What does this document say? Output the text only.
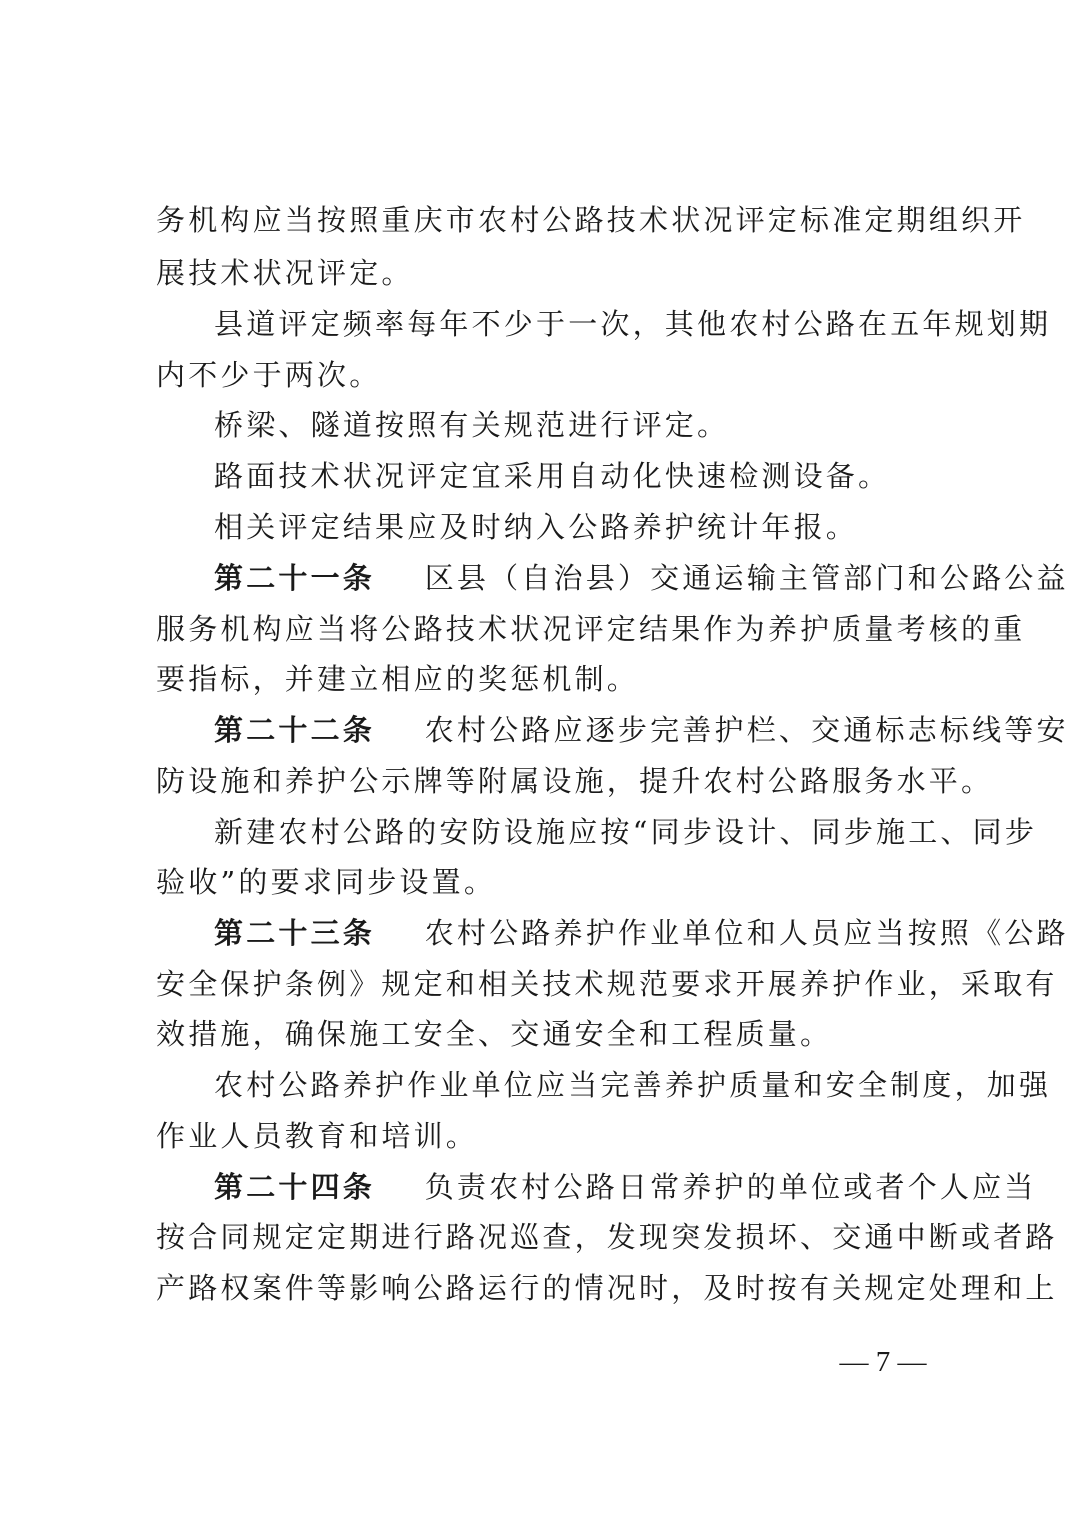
务机构应当按照重庆市农村公路技术状况评定标准定期组织开
展技术状况评定。
县道评定频率每年不少于一次，其他农村公路在五年规划期
内不少于两次。
桥梁、隧道按照有关规范进行评定。
路面技术状况评定宜采用自动化快速检测设备。
相关评定结果应及时纳入公路养护统计年报。
第二十一条 区县（自治县）交通运输主管部门和公路公益
服务机构应当将公路技术状况评定结果作为养护质量考核的重
要指标，并建立相应的奖惩机制。
第二十二条 农村公路应逐步完善护栏、交通标志标线等安
防设施和养护公示牌等附属设施，提升农村公路服务水平。
新建农村公路的安防设施应按“同步设计、同步施工、同步
验收”的要求同步设置。
第二十三条 农村公路养护作业单位和人员应当按照《公路
安全保护条例》规定和相关技术规范要求开展养护作业，采取有
效措施，确保施工安全、交通安全和工程质量。
农村公路养护作业单位应当完善养护质量和安全制度，加强
作业人员教育和培训。
第二十四条 负责农村公路日常养护的单位或者个人应当
按合同规定定期进行路况巡查，发现突发损坏、交通中断或者路
产路权案件等影响公路运行的情况时，及时按有关规定处理和上
— 7 —
